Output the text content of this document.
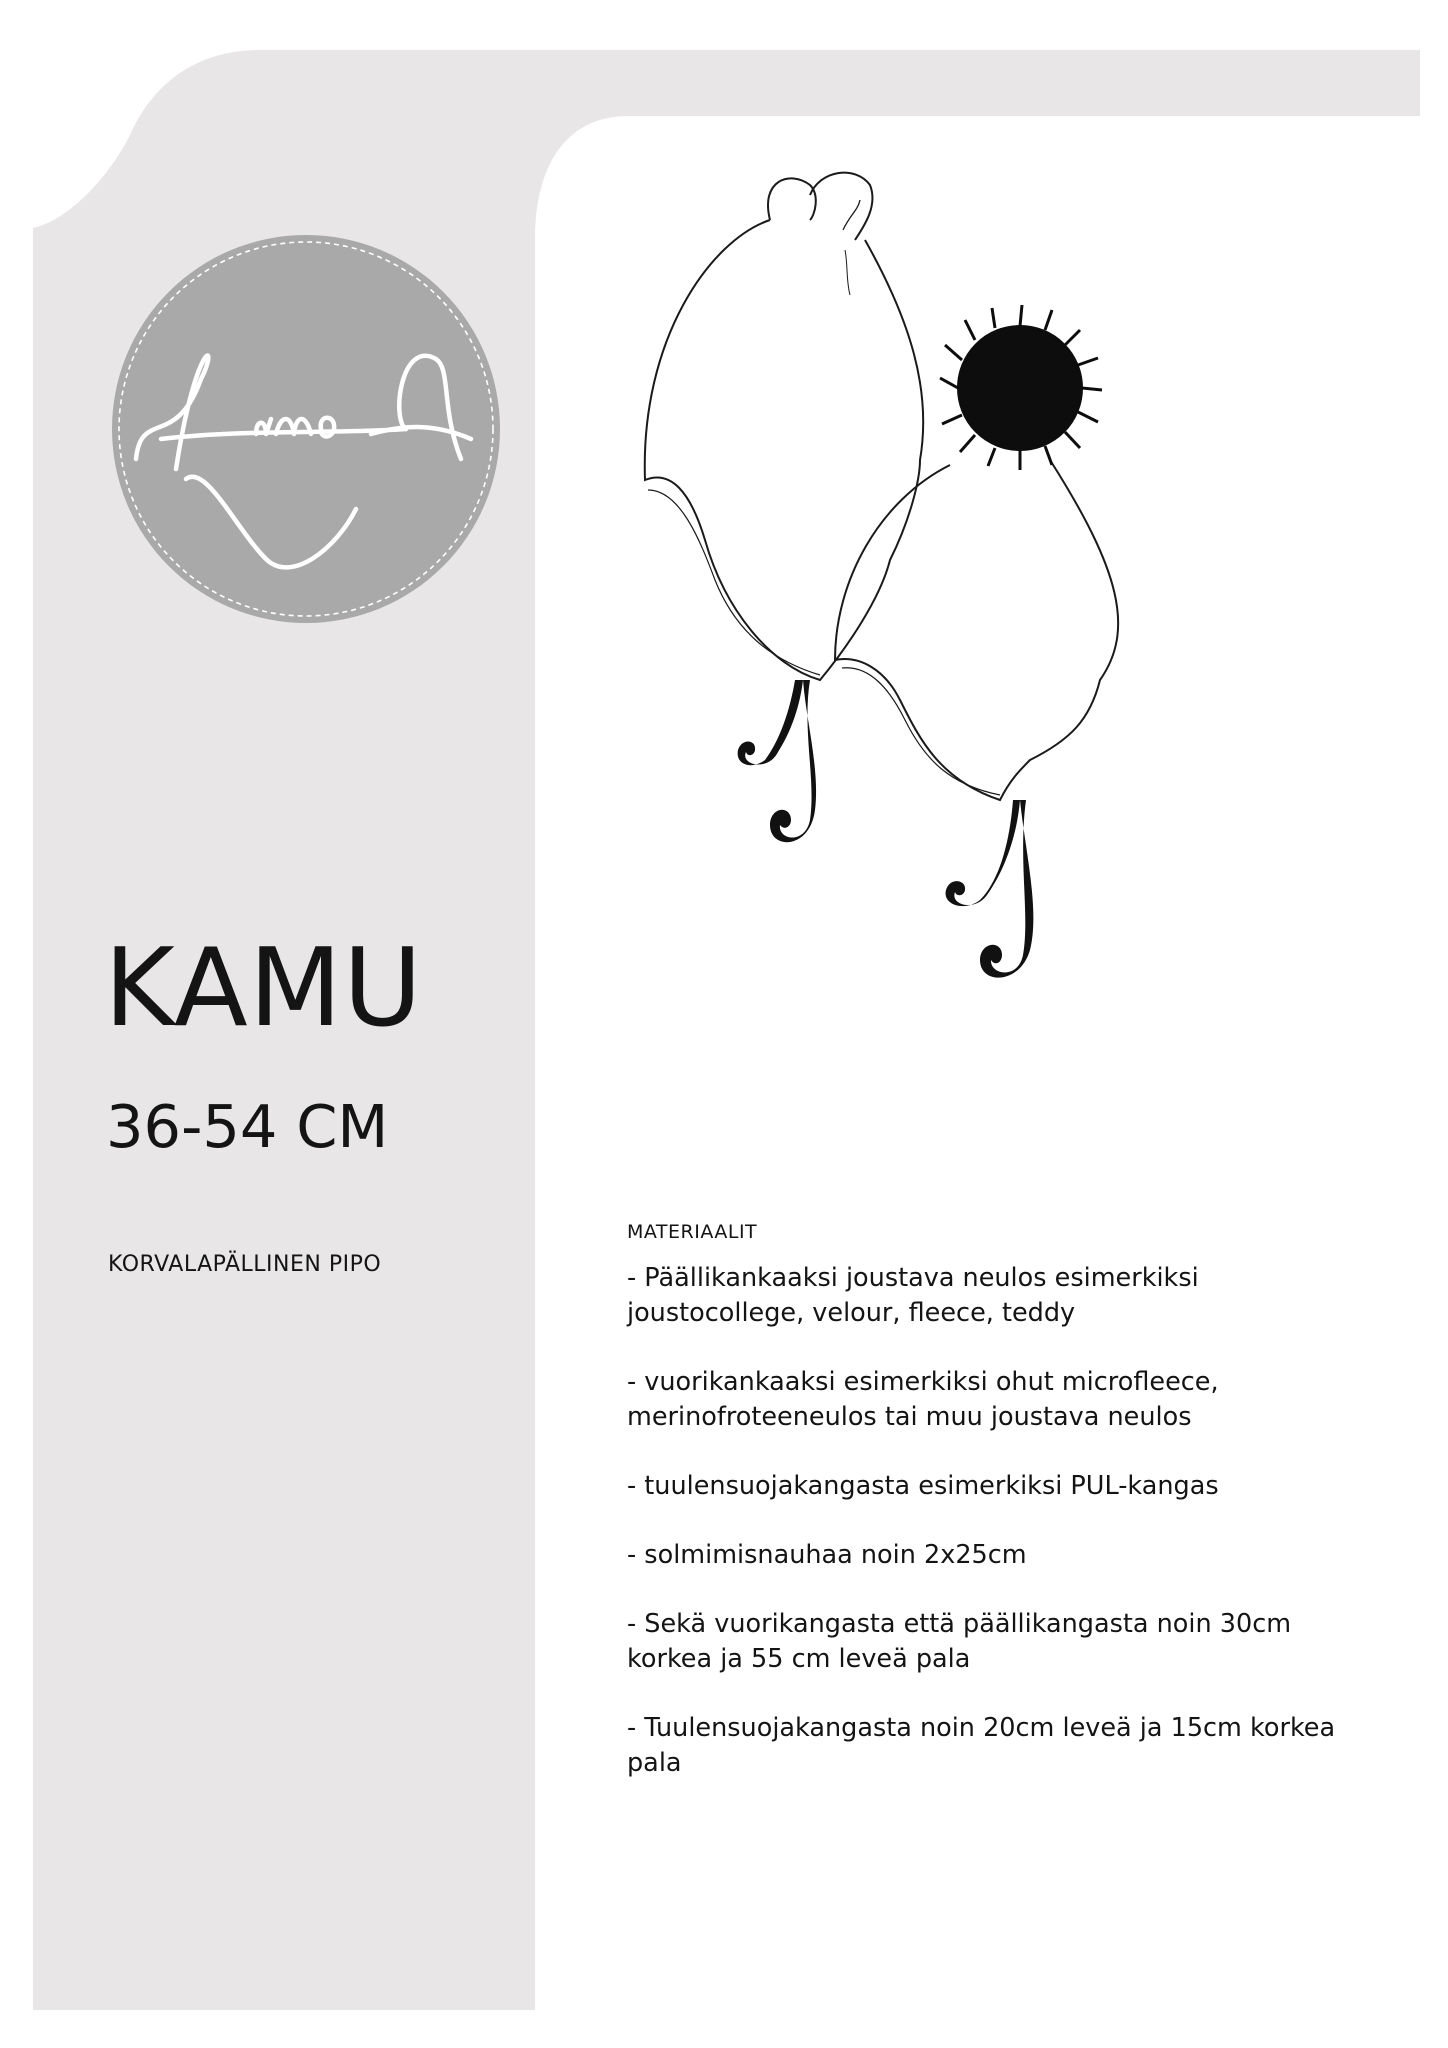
KAMU
36-54 CM
KORVALAPÄLLINEN PIPO
MATERIAALIT
- Päällikankaaksi joustava neulos esimerkiksi joustocollege, velour, fleece, teddy
- vuorikankaaksi esimerkiksi ohut microfleece, merinofroteeneulos tai muu joustava neulos
- tuulensuojakangasta esimerkiksi PUL-kangas
- solmimisnauhaa noin 2x25cm
- Sekä vuorikangasta että päällikangasta noin 30cm korkea ja 55 cm leveä pala
- Tuulensuojakangasta noin 20cm leveä ja 15cm korkea pala
